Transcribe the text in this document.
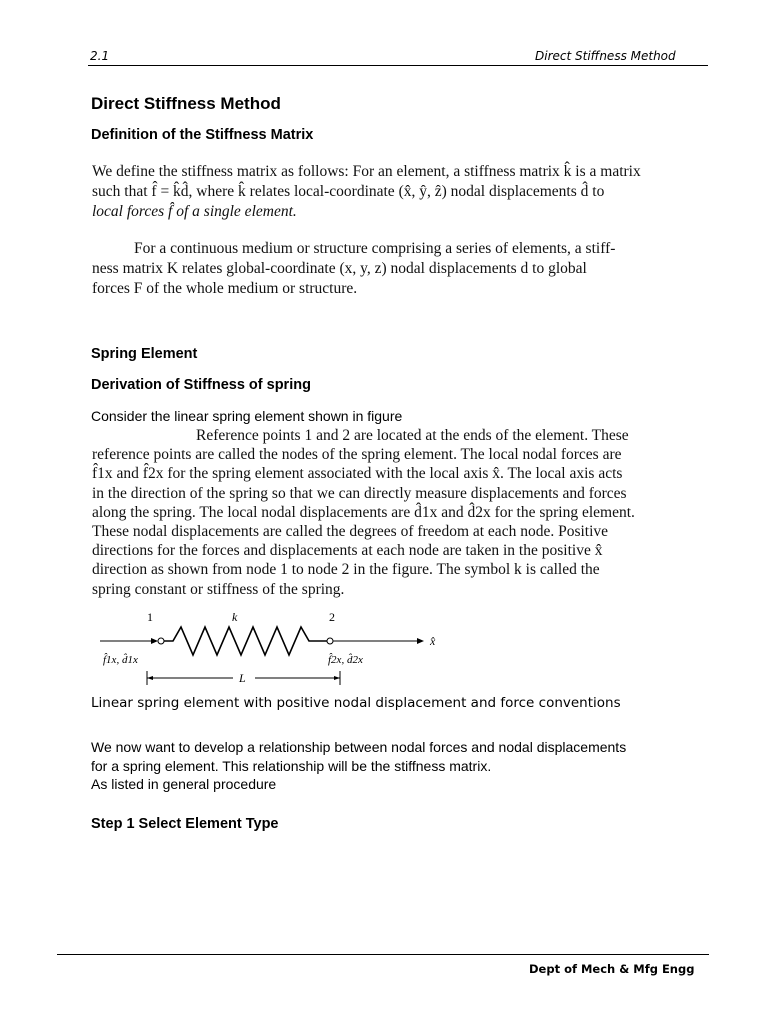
2.1	Direct Stiffness Method
Direct Stiffness Method
Definition of the Stiffness Matrix
We define the stiffness matrix as follows: For an element, a stiffness matrix k̂ is a matrix
such that f̂ = k̂d̂, where k̂ relates local-coordinate (x̂, ŷ, ẑ) nodal displacements d̂ to
local forces f̂ of a single element.
For a continuous medium or structure comprising a series of elements, a stiff-
ness matrix K relates global-coordinate (x, y, z) nodal displacements d to global
forces F of the whole medium or structure.
Spring Element
Derivation of Stiffness of spring
Consider the linear spring element shown in figure
Reference points 1 and 2 are located at the ends of the element. These
reference points are called the nodes of the spring element. The local nodal forces are
f̂1x and f̂2x for the spring element associated with the local axis x̂. The local axis acts
in the direction of the spring so that we can directly measure displacements and forces
along the spring. The local nodal displacements are d̂1x and d̂2x for the spring element.
These nodal displacements are called the degrees of freedom at each node. Positive
directions for the forces and displacements at each node are taken in the positive x̂
direction as shown from node 1 to node 2 in the figure. The symbol k is called the
spring constant or stiffness of the spring.
1	k	2
x̂
f̂1x, d̂1x	f̂2x, d̂2x
L
Linear spring element with positive nodal displacement and force conventions
We now want to develop a relationship between nodal forces and nodal displacements
for a spring element. This relationship will be the stiffness matrix.
As listed in general procedure
Step 1 Select Element Type
Dept of Mech & Mfg Engg
